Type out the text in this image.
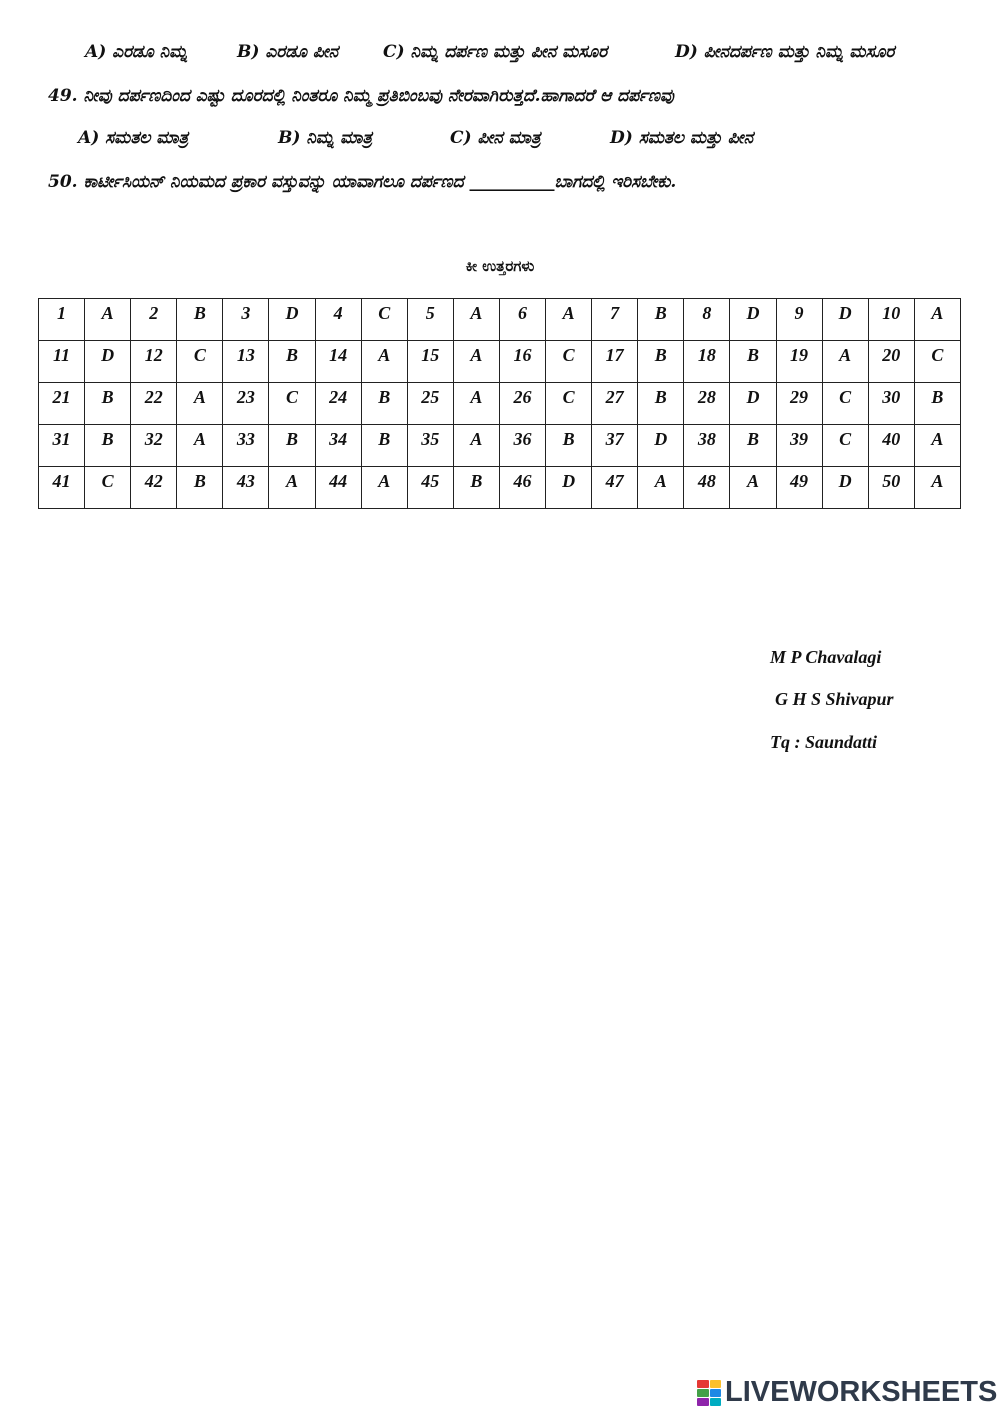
A) ಎರಡೂ ನಿಮ್ನ	B) ಎರಡೂ ಪೀನ	C) ನಿಮ್ನ ದರ್ಪಣ ಮತ್ತು ಪೀನ ಮಸೂರ	D) ಪೀನದರ್ಪಣ ಮತ್ತು ನಿಮ್ನ ಮಸೂರ
49. ನೀವು ದರ್ಪಣದಿಂದ ಎಷ್ಟು ದೂರದಲ್ಲಿ ನಿಂತರೂ ನಿಮ್ಮ ಪ್ರತಿಬಿಂಬವು ನೇರವಾಗಿರುತ್ತದೆ.ಹಾಗಾದರೆ ಆ ದರ್ಪಣವು
A) ಸಮತಲ ಮಾತ್ರ	B) ನಿಮ್ನ ಮಾತ್ರ	C) ಪೀನ ಮಾತ್ರ	D) ಸಮತಲ ಮತ್ತು ಪೀನ
50. ಕಾರ್ಟೀಸಿಯನ್ ನಿಯಮದ ಪ್ರಕಾರ ವಸ್ತುವನ್ನು ಯಾವಾಗಲೂ ದರ್ಪಣದ __________ಬಾಗದಲ್ಲಿ ಇರಿಸಬೇಕು.
ಕೀ ಉತ್ತರಗಳು
1	A	2	B	3	D	4	C	5	A	6	A	7	B	8	D	9	D	10	A
11	D	12	C	13	B	14	A	15	A	16	C	17	B	18	B	19	A	20	C
21	B	22	A	23	C	24	B	25	A	26	C	27	B	28	D	29	C	30	B
31	B	32	A	33	B	34	B	35	A	36	B	37	D	38	B	39	C	40	A
41	C	42	B	43	A	44	A	45	B	46	D	47	A	48	A	49	D	50	A
M P Chavalagi
G H S Shivapur
Tq : Saundatti
LIVEWORKSHEETS
